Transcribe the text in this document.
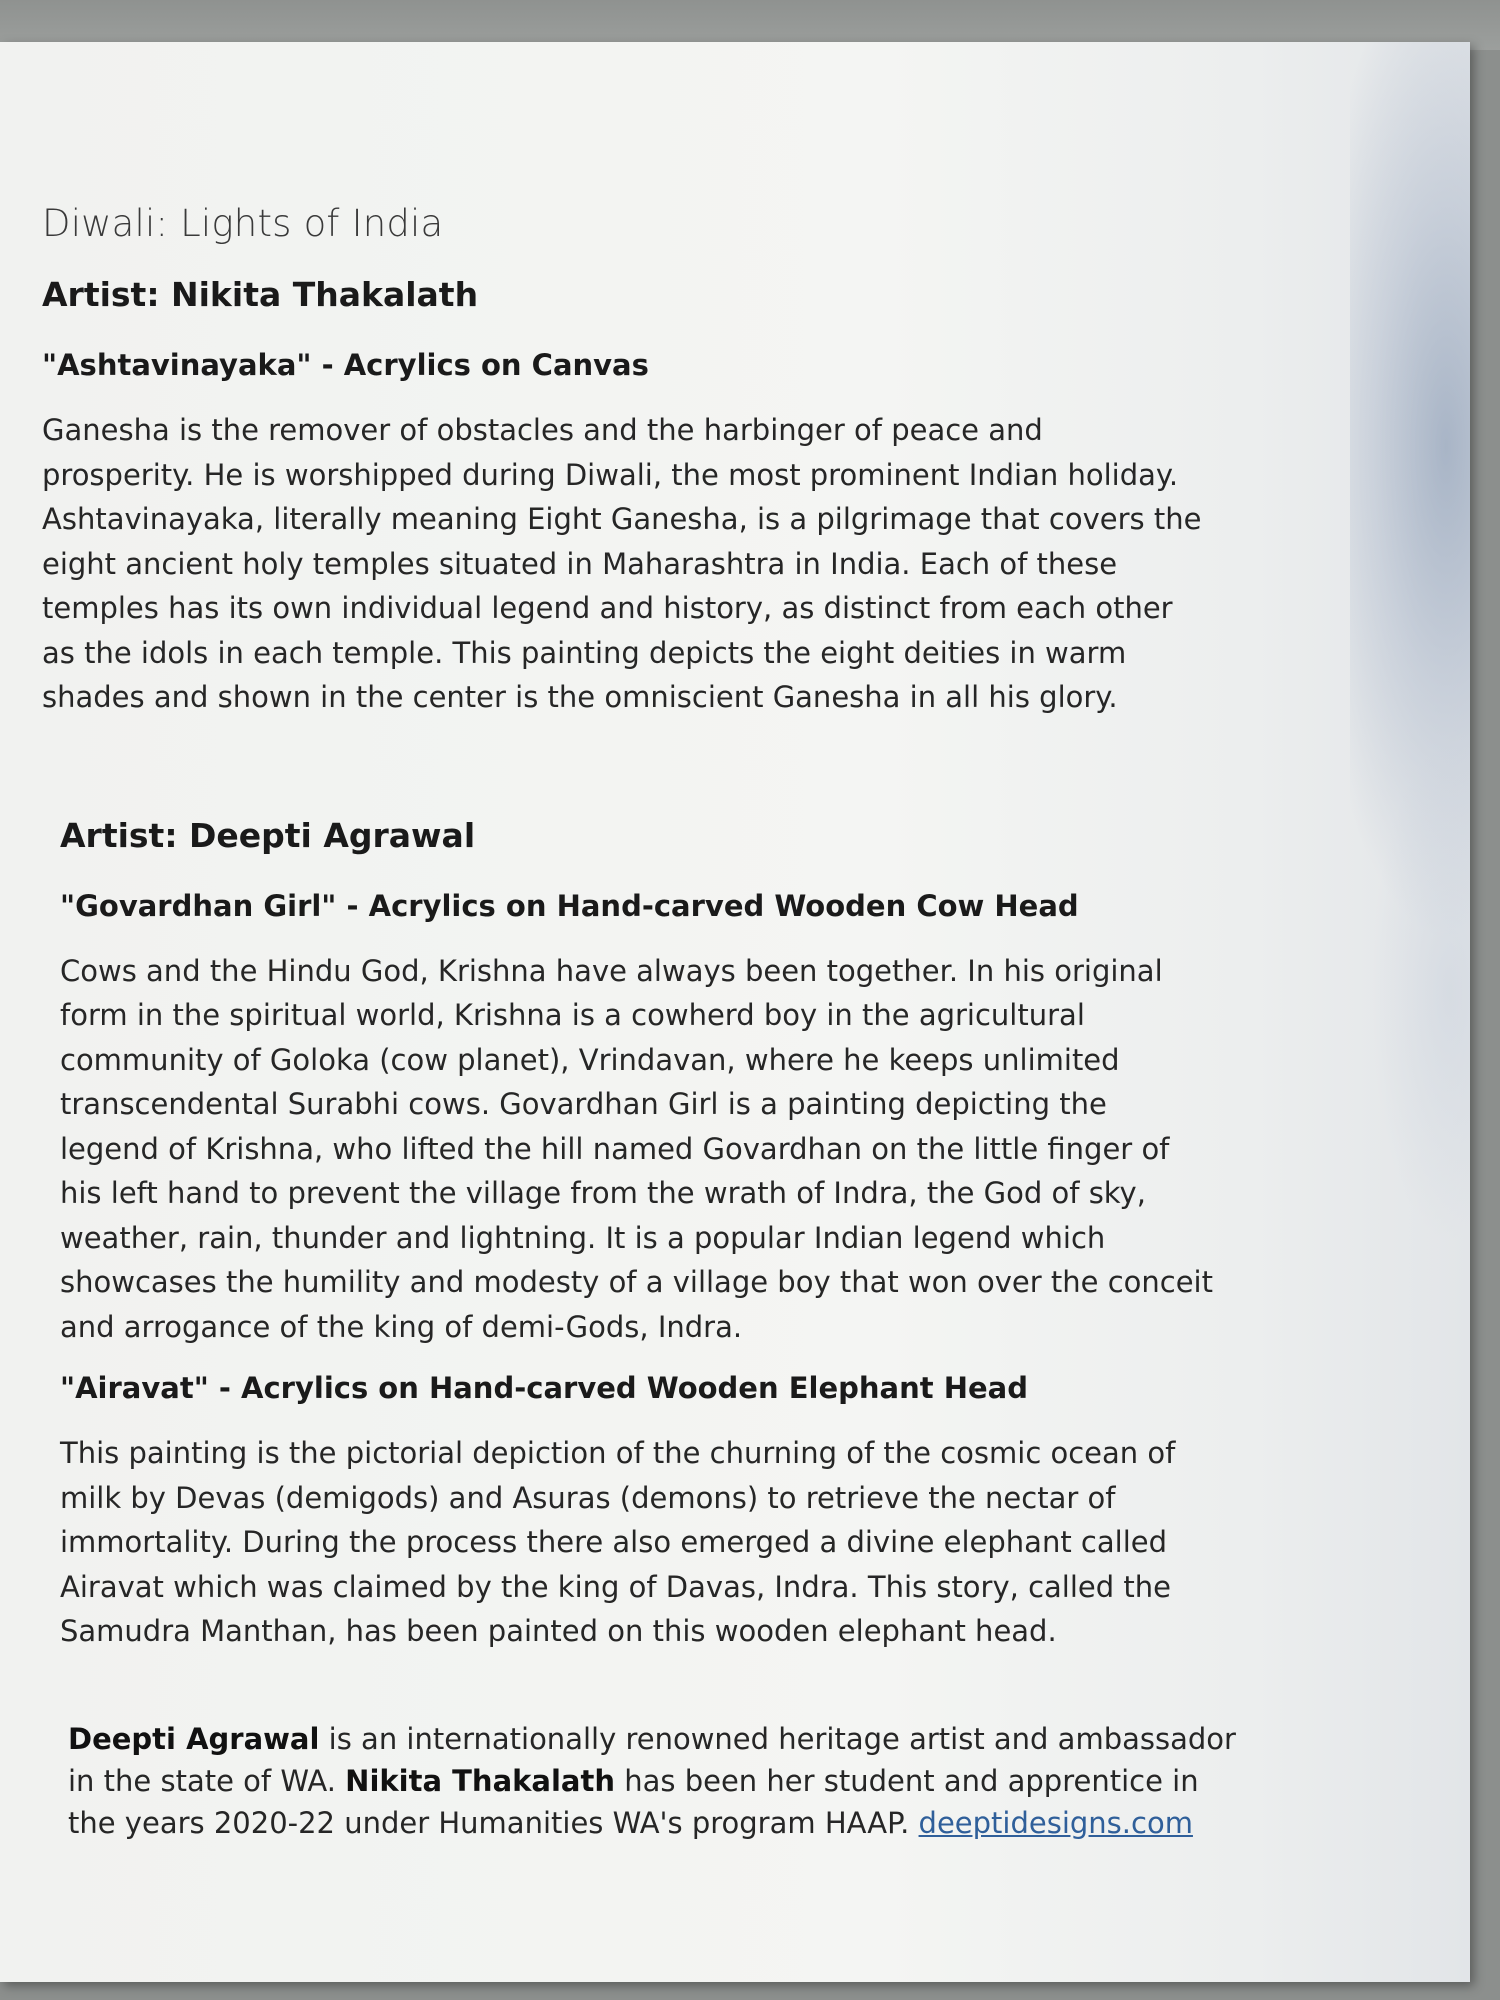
Diwali: Lights of India
Artist: Nikita Thakalath
"Ashtavinayaka" - Acrylics on Canvas

Ganesha is the remover of obstacles and the harbinger of peace and
prosperity. He is worshipped during Diwali, the most prominent Indian holiday.
Ashtavinayaka, literally meaning Eight Ganesha, is a pilgrimage that covers the
eight ancient holy temples situated in Maharashtra in India. Each of these
temples has its own individual legend and history, as distinct from each other
as the idols in each temple. This painting depicts the eight deities in warm
shades and shown in the center is the omniscient Ganesha in all his glory.

Artist: Deepti Agrawal
"Govardhan Girl" - Acrylics on Hand-carved Wooden Cow Head

Cows and the Hindu God, Krishna have always been together. In his original
form in the spiritual world, Krishna is a cowherd boy in the agricultural
community of Goloka (cow planet), Vrindavan, where he keeps unlimited
transcendental Surabhi cows. Govardhan Girl is a painting depicting the
legend of Krishna, who lifted the hill named Govardhan on the little finger of
his left hand to prevent the village from the wrath of Indra, the God of sky,
weather, rain, thunder and lightning. It is a popular Indian legend which
showcases the humility and modesty of a village boy that won over the conceit
and arrogance of the king of demi-Gods, Indra.

"Airavat" - Acrylics on Hand-carved Wooden Elephant Head

This painting is the pictorial depiction of the churning of the cosmic ocean of
milk by Devas (demigods) and Asuras (demons) to retrieve the nectar of
immortality. During the process there also emerged a divine elephant called
Airavat which was claimed by the king of Davas, Indra. This story, called the
Samudra Manthan, has been painted on this wooden elephant head.

Deepti Agrawal is an internationally renowned heritage artist and ambassador
in the state of WA. Nikita Thakalath has been her student and apprentice in
the years 2020-22 under Humanities WA's program HAAP. deeptidesigns.com
